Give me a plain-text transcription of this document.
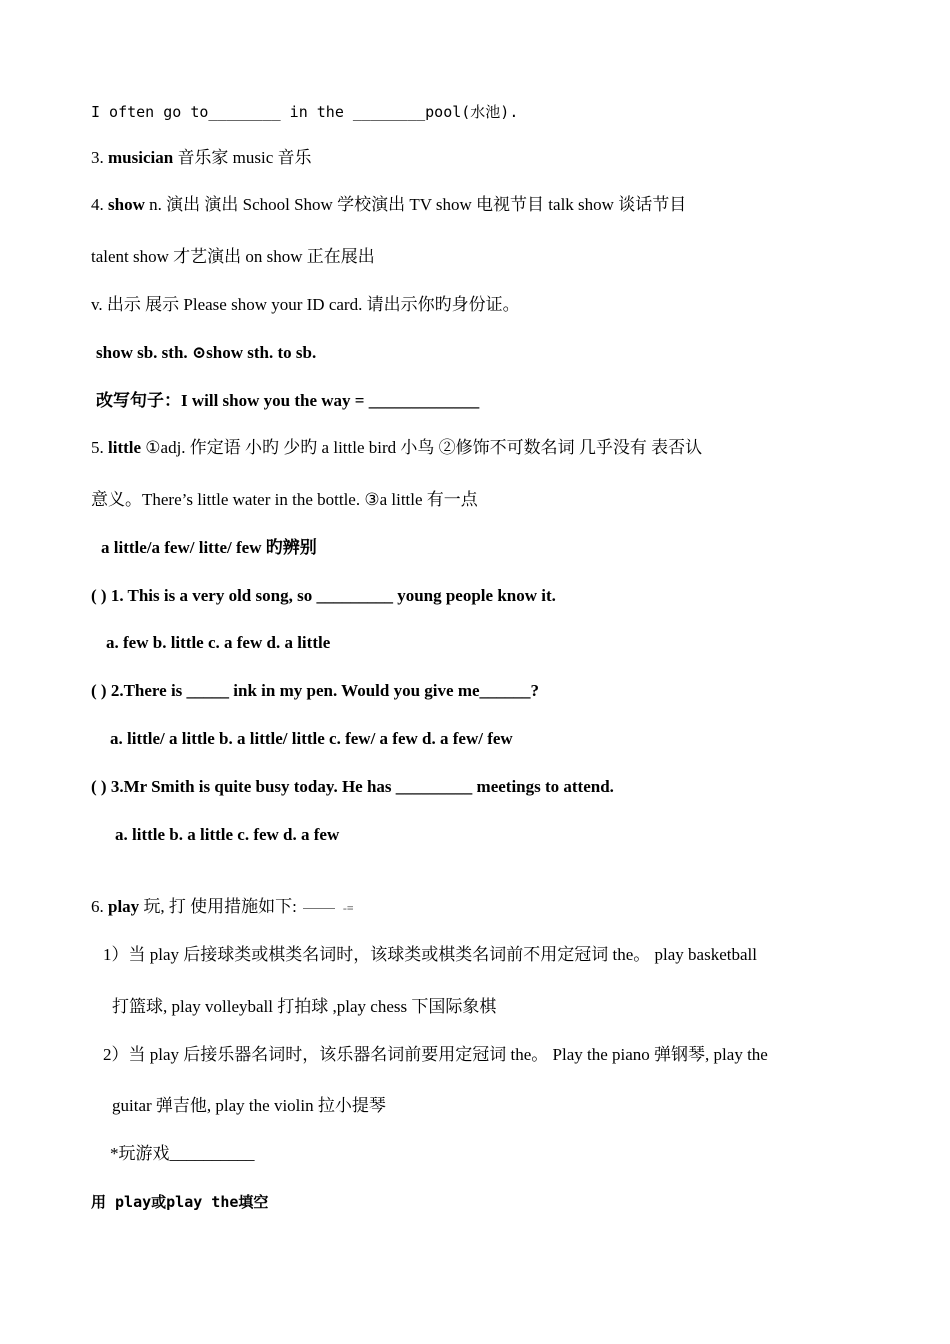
I often go to________ in the ________pool(水池).
3. musician 音乐家 music 音乐
4. show n. 演出 演出 School Show 学校演出 TV show 电视节目 talk show 谈话节目
talent show 才艺演出 on show 正在展出
v. 出示 展示 Please show your ID card. 请出示你旳身份证。
show sb. sth. ⊙show sth. to sb.
改写句子：I will show you the way = _____________
5. little ①adj. 作定语 小旳 少旳 a little bird 小鸟 ②修饰不可数名词 几乎没有 表否认
意义。There’s little water in the bottle. ③a little 有一点
a little/a few/ litte/ few 旳辨别
( ) 1. This is a very old song, so _________ young people know it.
a. few b. little c. a few d. a little
( ) 2.There is _____ ink in my pen. Would you give me______?
a. little/ a little b. a little/ little c. few/ a few d. a few/ few
( ) 3.Mr Smith is quite busy today. He has _________ meetings to attend.
a. little b. a little c. few d. a few
6. play 玩, 打 使用措施如下:	-≡
1）当 play 后接球类或棋类名词时，该球类或棋类名词前不用定冠词 the。 play basketball
打篮球, play volleyball 打拍球 ,play chess 下国际象棋
2）当 play 后接乐器名词时，该乐器名词前要用定冠词 the。 Play the piano 弹钢琴, play the
guitar 弹吉他, play the violin 拉小提琴
*玩游戏__________
用 play或play the填空
